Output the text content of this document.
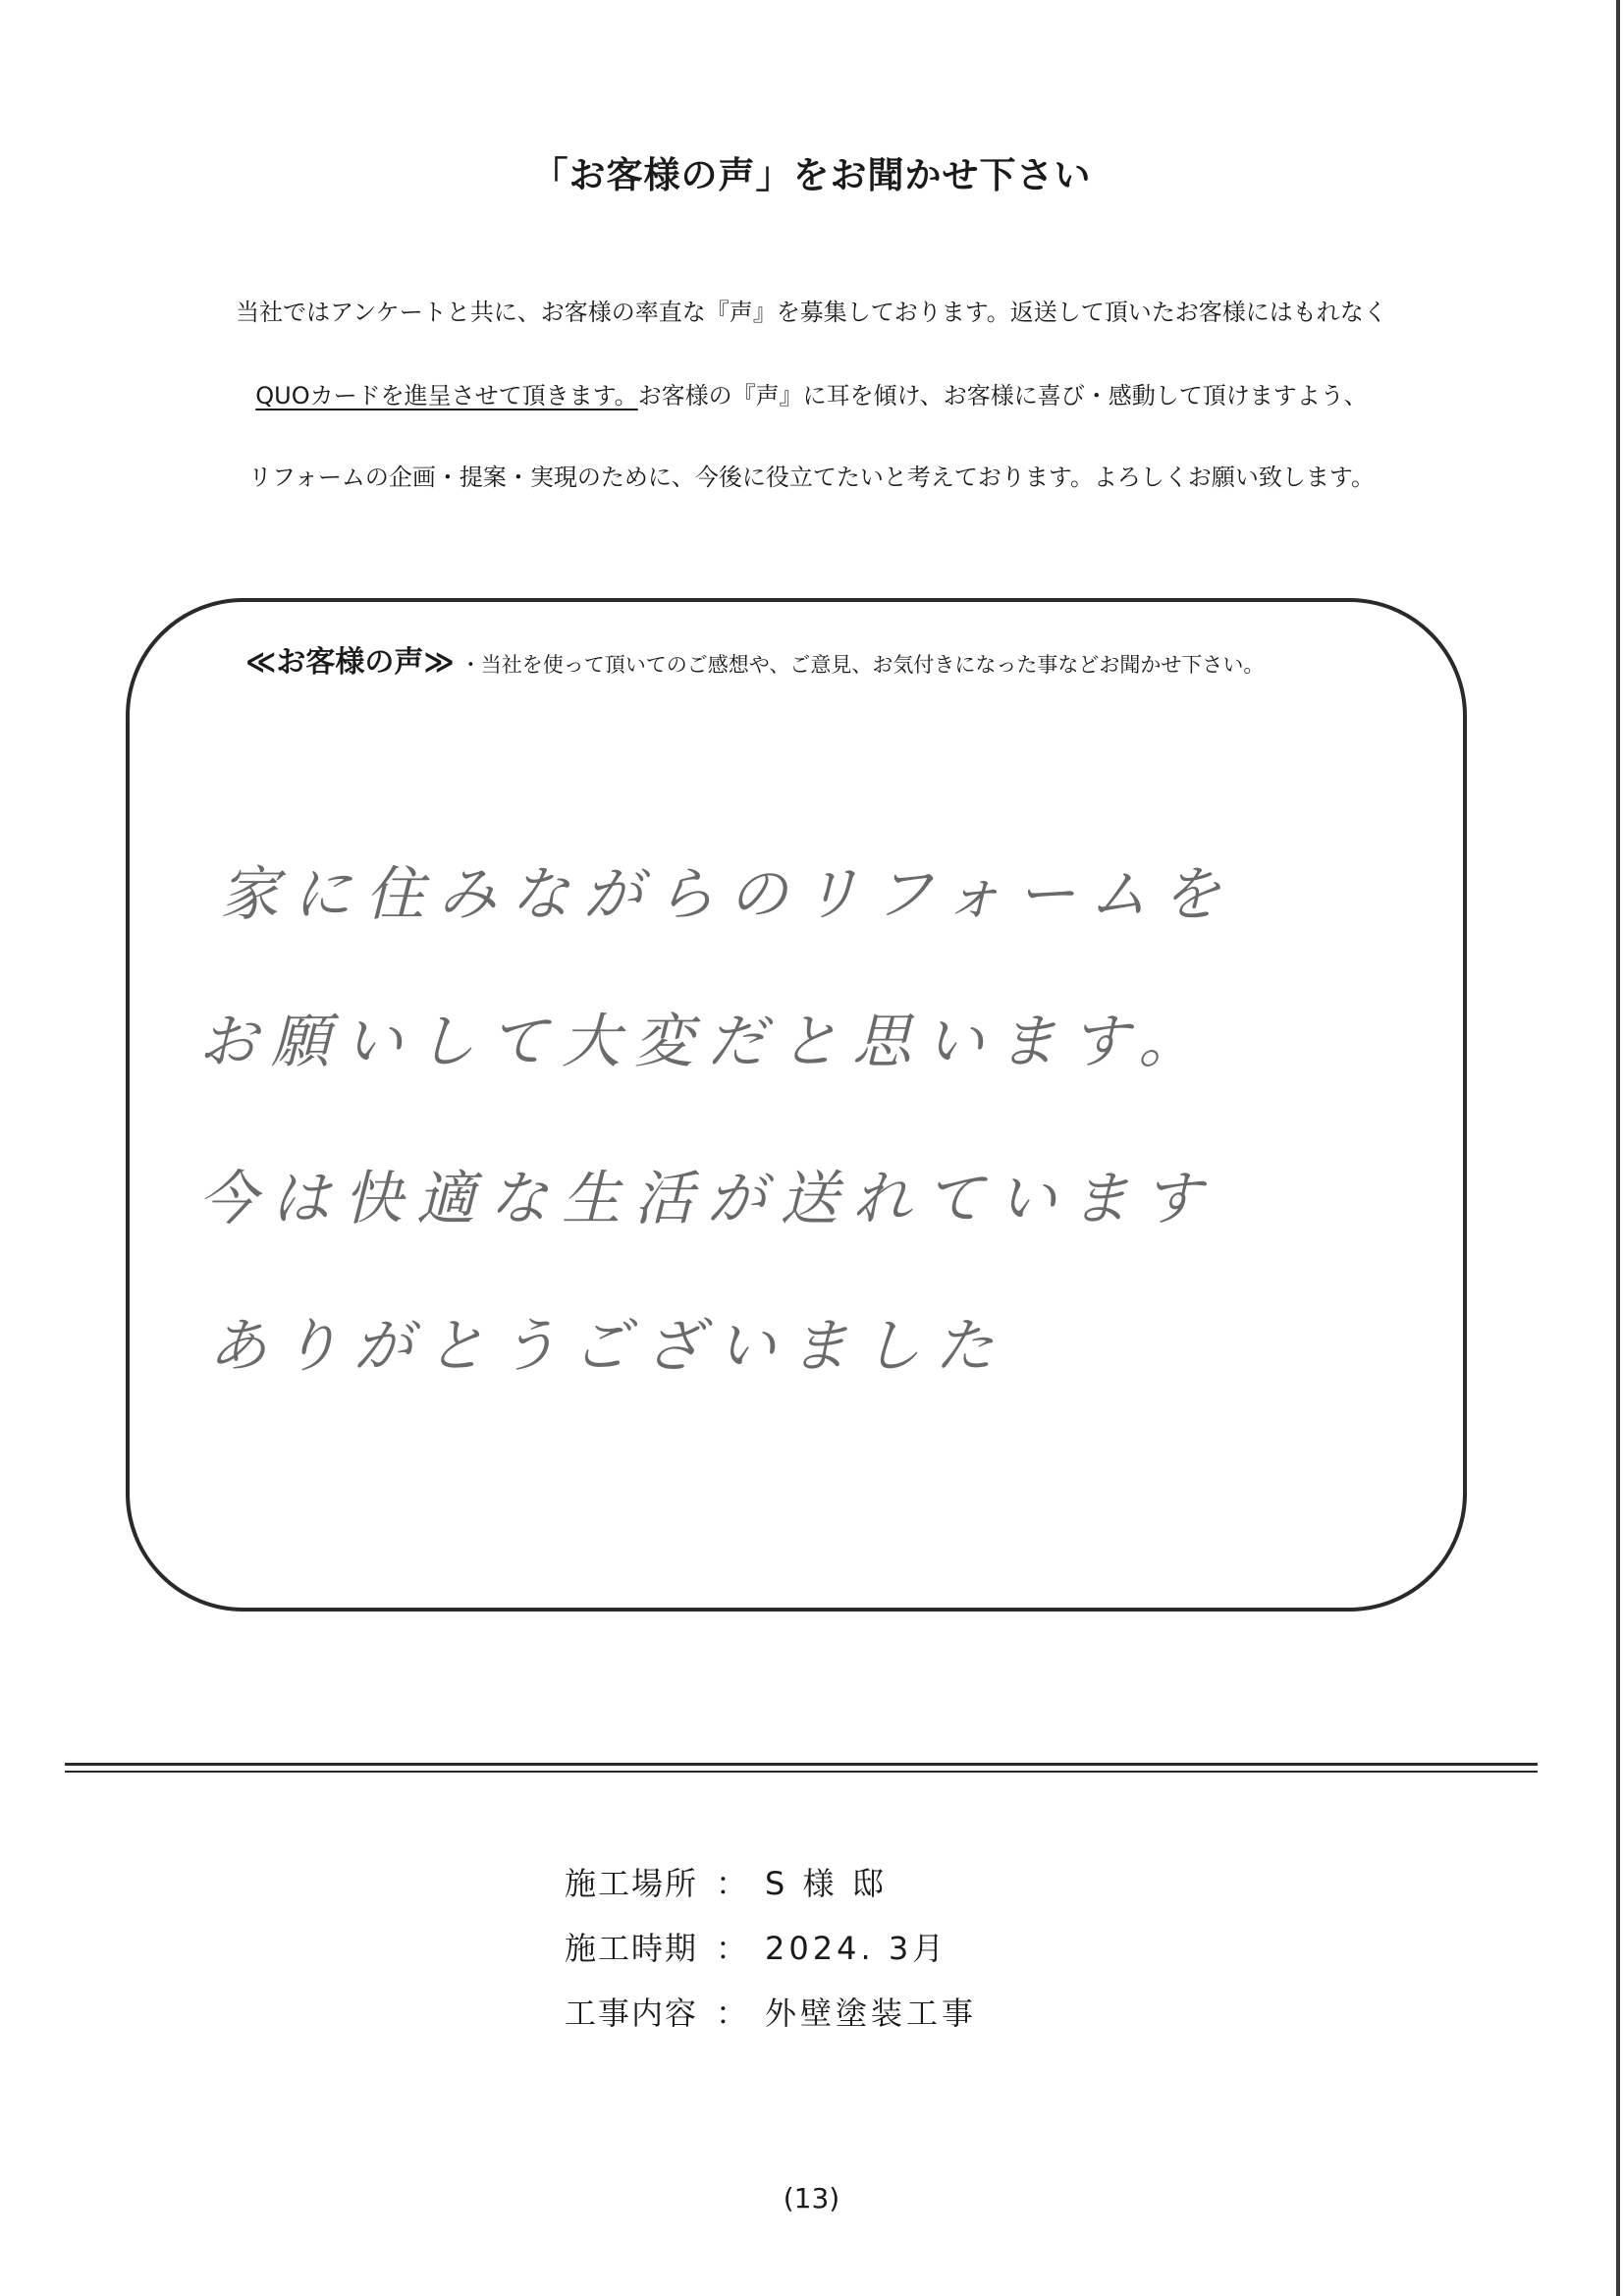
「お客様の声」をお聞かせ下さい
当社ではアンケートと共に、お客様の率直な『声』を募集しております。返送して頂いたお客様にはもれなく
QUOカードを進呈させて頂きます。お客様の『声』に耳を傾け、お客様に喜び・感動して頂けますよう、
リフォームの企画・提案・実現のために、今後に役立てたいと考えております。よろしくお願い致します。
≪お客様の声≫ ・当社を使って頂いてのご感想や、ご意見、お気付きになった事などお聞かせ下さい。
家に住みながらのリフォームを
お願いして大変だと思います。
今は快適な生活が送れています
ありがとうございました
施工場所 ： S 様 邸
施工時期 ： 2024. 3月
工事内容 ： 外壁塗装工事
(13)
